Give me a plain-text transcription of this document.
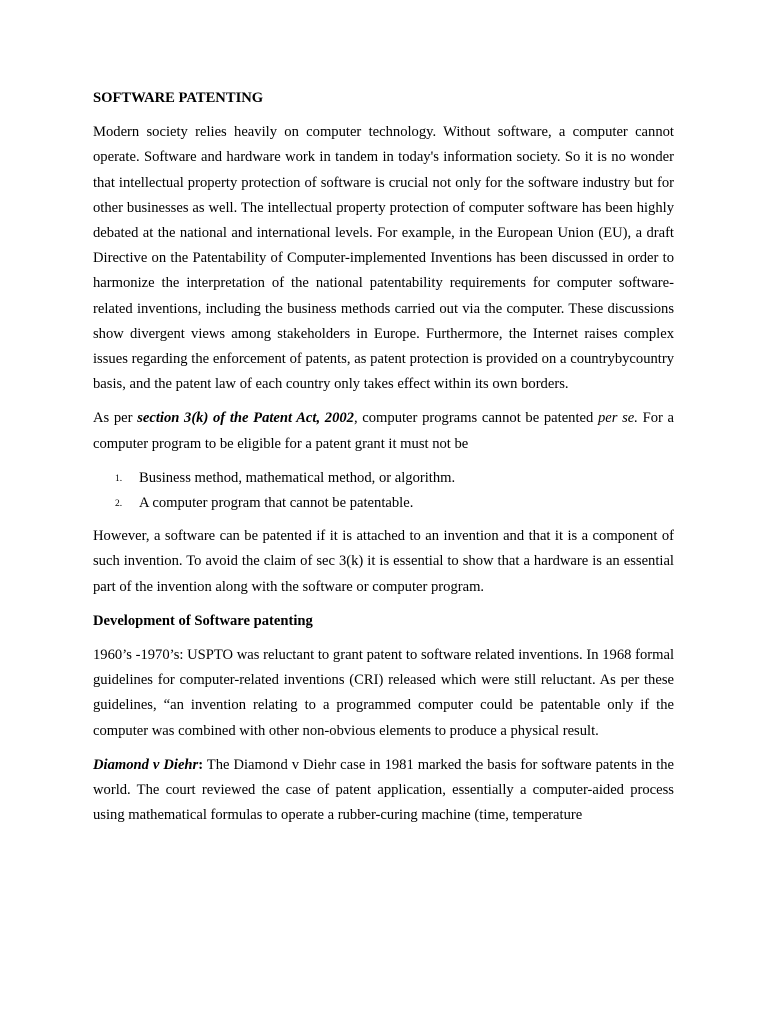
SOFTWARE PATENTING

Modern society relies heavily on computer technology. Without software, a computer cannot operate. Software and hardware work in tandem in today's information society. So it is no wonder that intellectual property protection of software is crucial not only for the software industry but for other businesses as well. The intellectual property protection of computer software has been highly debated at the national and international levels. For example, in the European Union (EU), a draft Directive on the Patentability of Computer-implemented Inventions has been discussed in order to harmonize the interpretation of the national patentability requirements for computer software-related inventions, including the business methods carried out via the computer. These discussions show divergent views among stakeholders in Europe. Furthermore, the Internet raises complex issues regarding the enforcement of patents, as patent protection is provided on a countrybycountry basis, and the patent law of each country only takes effect within its own borders.

As per section 3(k) of the Patent Act, 2002, computer programs cannot be patented per se. For a computer program to be eligible for a patent grant it must not be

1. Business method, mathematical method, or algorithm.
2. A computer program that cannot be patentable.

However, a software can be patented if it is attached to an invention and that it is a component of such invention. To avoid the claim of sec 3(k) it is essential to show that a hardware is an essential part of the invention along with the software or computer program.

Development of Software patenting

1960’s -1970’s: USPTO was reluctant to grant patent to software related inventions. In 1968 formal guidelines for computer-related inventions (CRI) released which were still reluctant. As per these guidelines, “an invention relating to a programmed computer could be patentable only if the computer was combined with other non-obvious elements to produce a physical result.

Diamond v Diehr: The Diamond v Diehr case in 1981 marked the basis for software patents in the world. The court reviewed the case of patent application, essentially a computer-aided process using mathematical formulas to operate a rubber-curing machine (time, temperature
